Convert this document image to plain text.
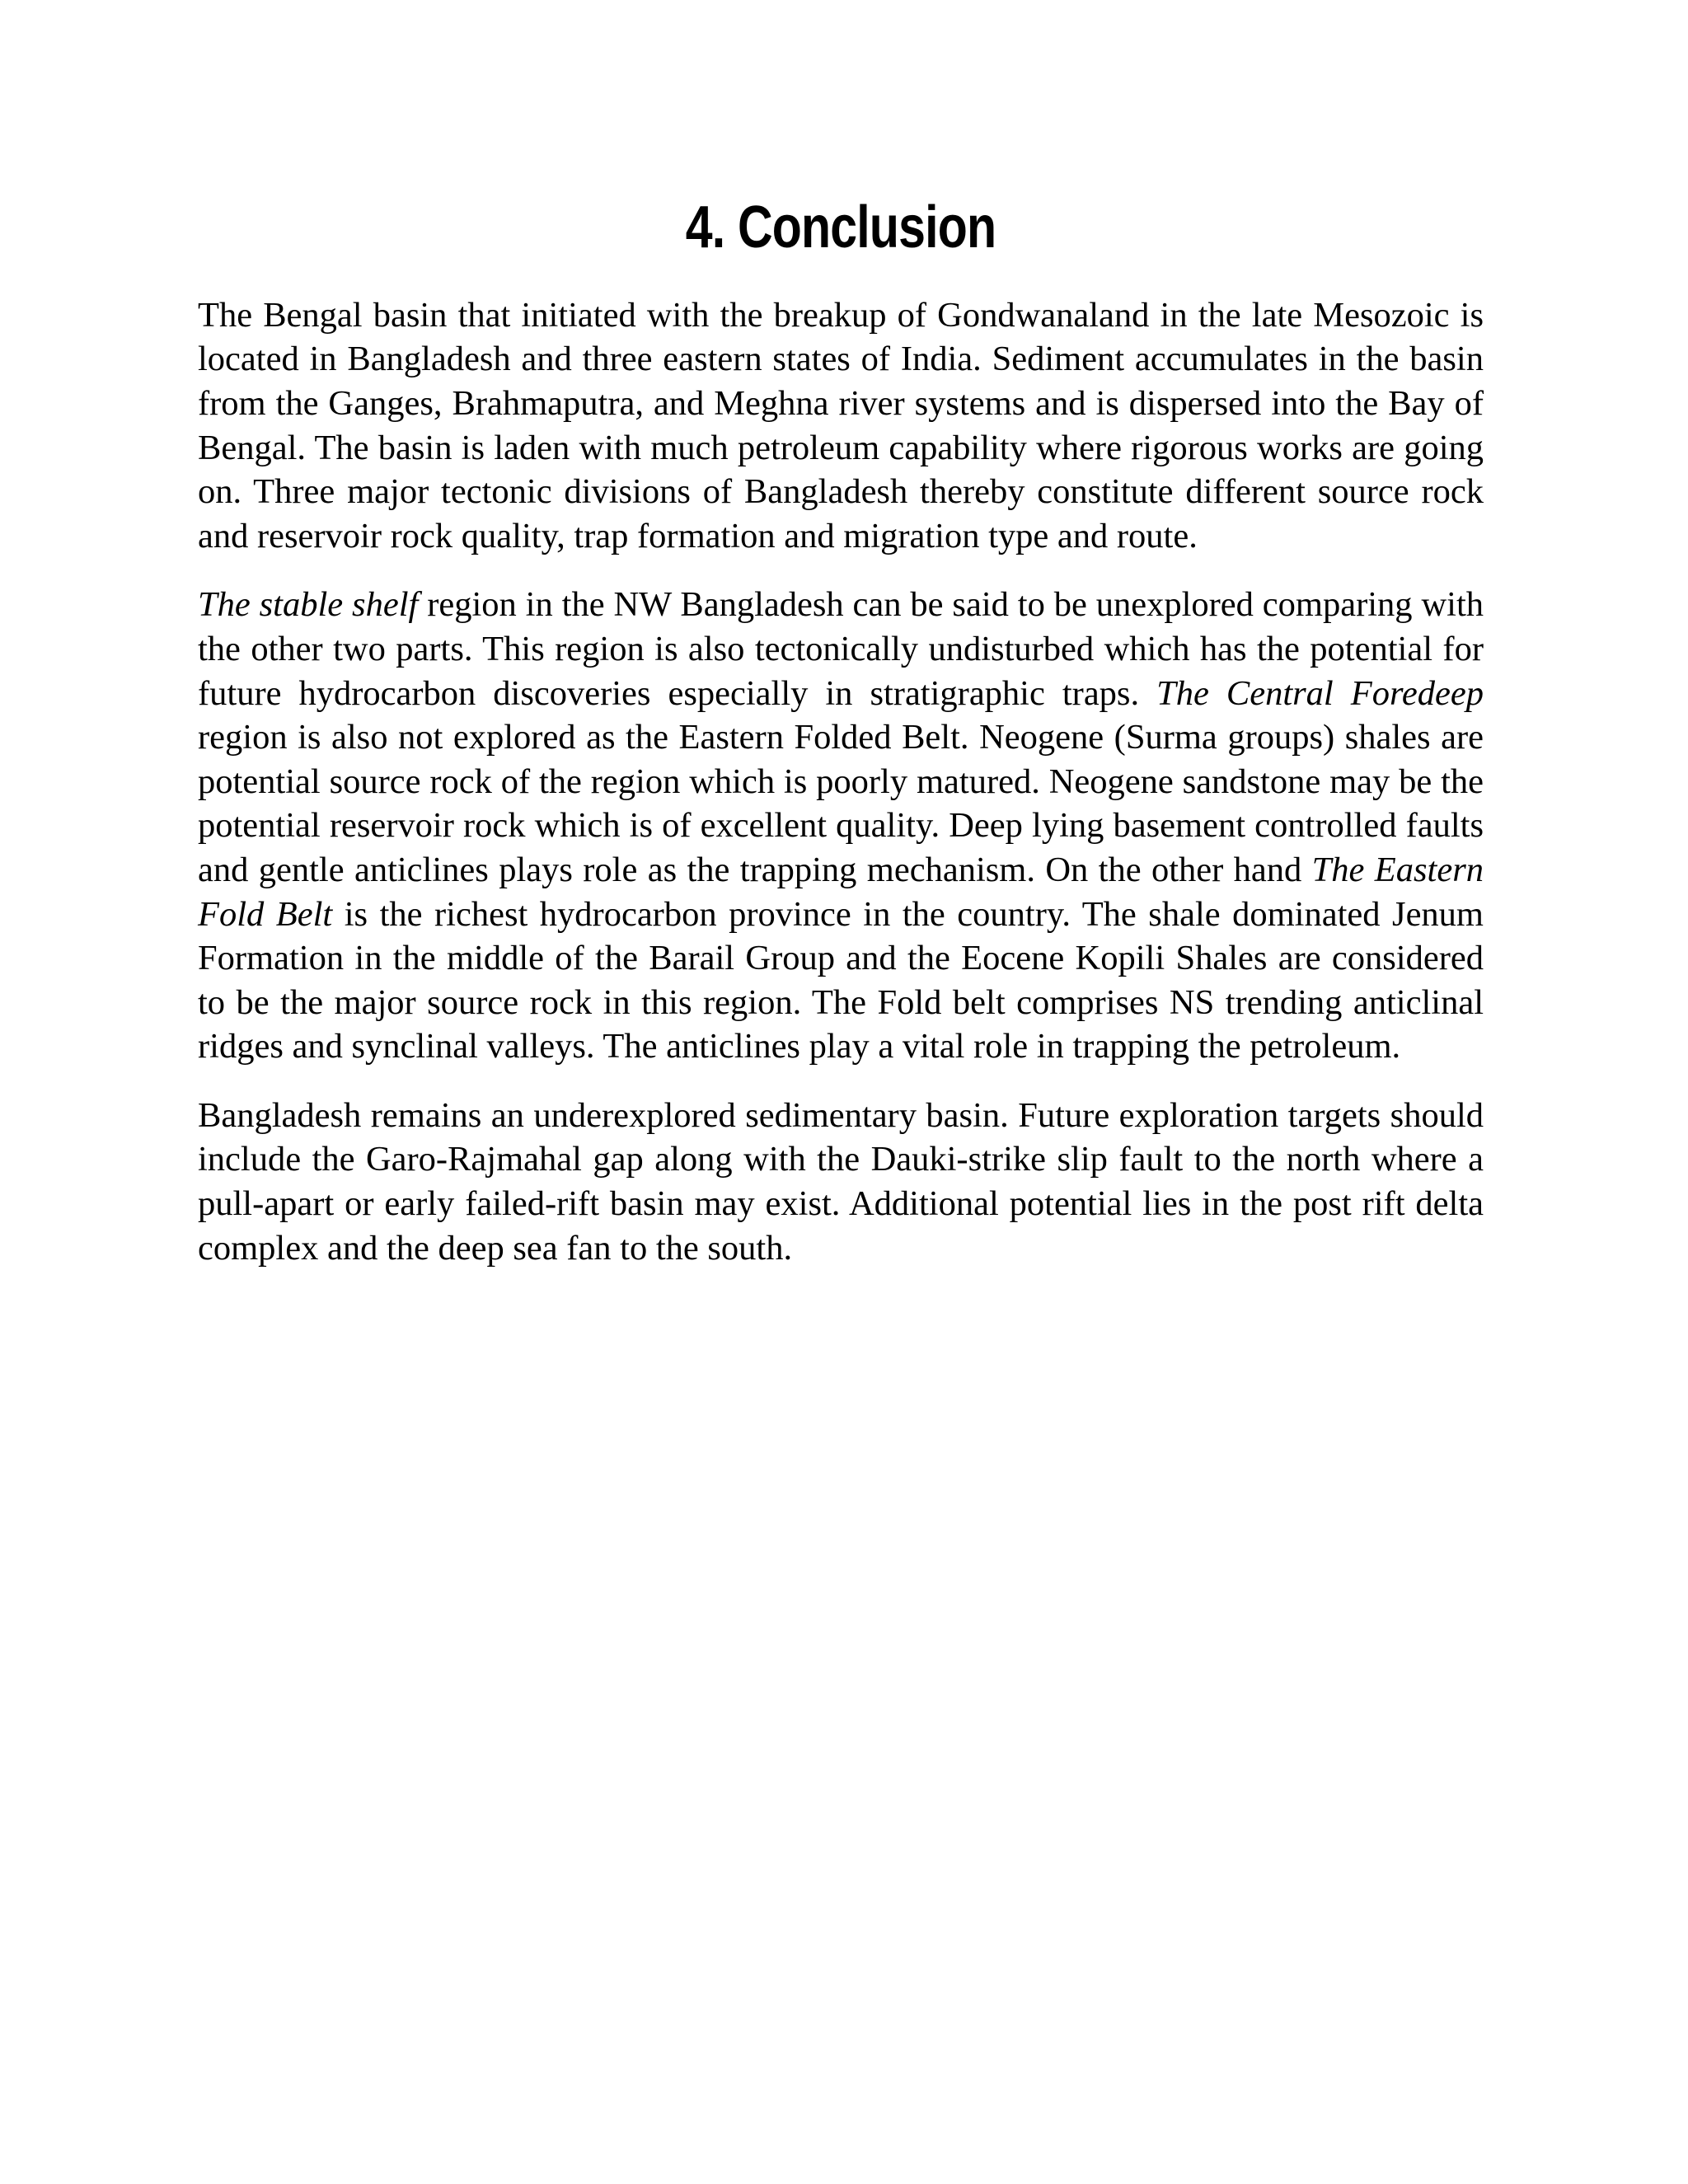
4. Conclusion

The Bengal basin that initiated with the breakup of Gondwanaland in the late Mesozoic is located in Bangladesh and three eastern states of India. Sediment accumulates in the basin from the Ganges, Brahmaputra, and Meghna river systems and is dispersed into the Bay of Bengal. The basin is laden with much petroleum capability where rigorous works are going on. Three major tectonic divisions of Bangladesh thereby constitute different source rock and reservoir rock quality, trap formation and migration type and route.

The stable shelf region in the NW Bangladesh can be said to be unexplored comparing with the other two parts. This region is also tectonically undisturbed which has the potential for future hydrocarbon discoveries especially in stratigraphic traps. The Central Foredeep region is also not explored as the Eastern Folded Belt. Neogene (Surma groups) shales are potential source rock of the region which is poorly matured. Neogene sandstone may be the potential reservoir rock which is of excellent quality. Deep lying basement controlled faults and gentle anticlines plays role as the trapping mechanism. On the other hand The Eastern Fold Belt is the richest hydrocarbon province in the country. The shale dominated Jenum Formation in the middle of the Barail Group and the Eocene Kopili Shales are considered to be the major source rock in this region. The Fold belt comprises NS trending anticlinal ridges and synclinal valleys. The anticlines play a vital role in trapping the petroleum.

Bangladesh remains an underexplored sedimentary basin. Future exploration targets should include the Garo-Rajmahal gap along with the Dauki-strike slip fault to the north where a pull-apart or early failed-rift basin may exist. Additional potential lies in the post rift delta complex and the deep sea fan to the south.
